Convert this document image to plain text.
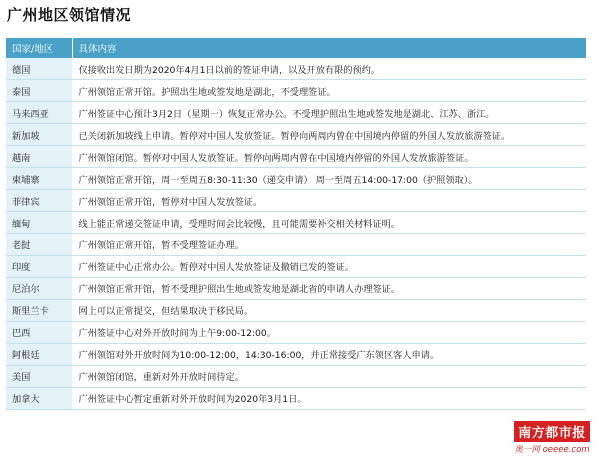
广州地区领馆情况
国家/地区	具体内容
德国	仅接收出发日期为2020年4月1日以前的签证申请，以及开放有限的预约。
泰国	广州领馆正常开馆。护照出生地或签发地是湖北，不受理签证。
马来西亚	广州签证中心预计3月2日（星期一）恢复正常办公。不受理护照出生地或签发地是湖北、江苏、浙江。
新加坡	已关闭新加坡线上申请。暂停对中国人发放签证。暂停向两周内曾在中国境内停留的外国人发放旅游签证。
越南	广州领馆闭馆。暂停对中国人发放签证。暂停向两周内曾在中国境内停留的外国人发放旅游签证。
柬埔寨	广州领馆正常开馆，周一至周五8:30-11:30（递交申请） 周一至周五14:00-17:00（护照领取）。
菲律宾	广州领馆正常开馆，暂停对中国人发放签证。
缅甸	线上能正常递交签证申请，受理时间会比较慢，且可能需要补交相关材料证明。
老挝	广州领馆正常开馆，暂不受理签证办理。
印度	广州签证中心正常办公。暂停对中国人发放签证及撤销已发的签证。
尼泊尔	广州领馆正常开馆，暂不受理护照出生地或签发地是湖北省的申请人办理签证。
斯里兰卡	网上可以正常提交，但结果取决于移民局。
巴西	广州签证中心对外开放时间为上午9:00-12:00。
阿根廷	广州领馆对外开放时间为10:00-12:00，14:30-16:00，并正常接受广东领区客人申请。
美国	广州领馆闭馆，重新对外开放时间待定。
加拿大	广州签证中心暂定重新对外开放时间为2020年3月1日。
南方都市报
奥一网 oeeee.com
